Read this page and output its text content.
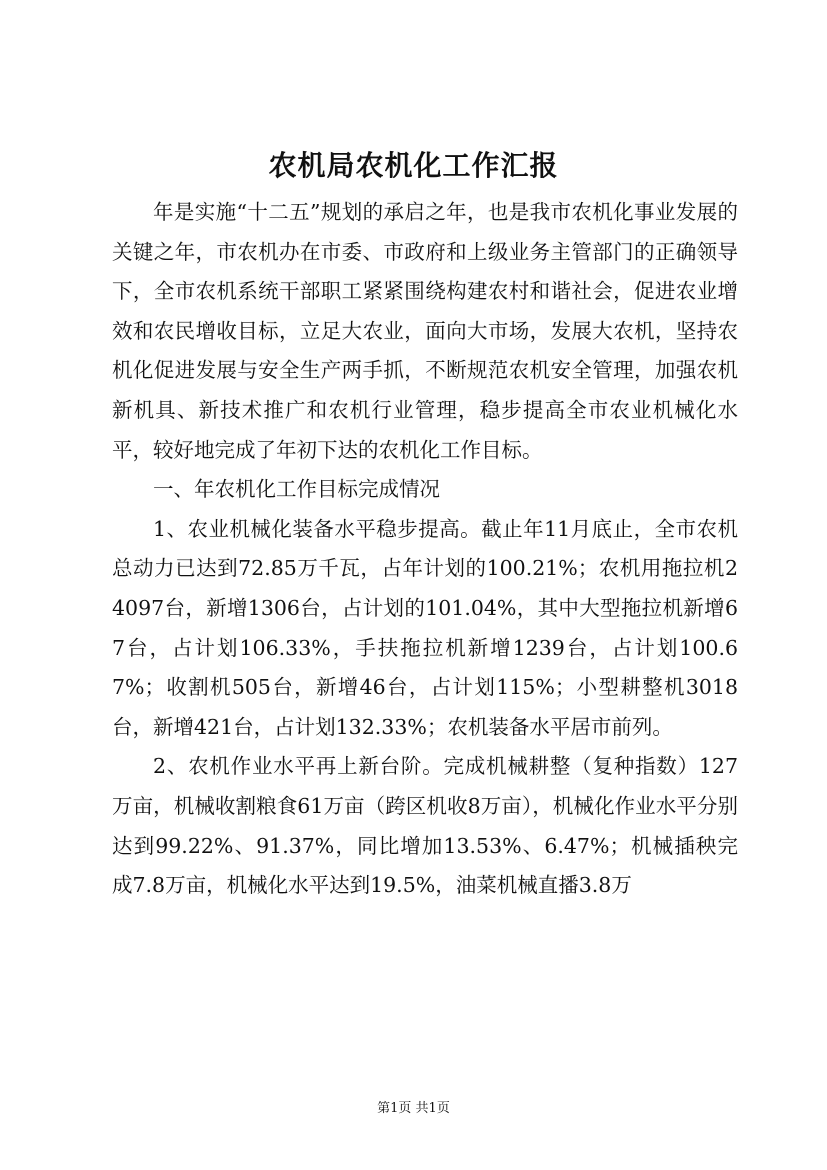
农机局农机化工作汇报

年是实施“十二五”规划的承启之年，也是我市农机化事业发展的关键之年，市农机办在市委、市政府和上级业务主管部门的正确领导下，全市农机系统干部职工紧紧围绕构建农村和谐社会，促进农业增效和农民增收目标，立足大农业，面向大市场，发展大农机，坚持农机化促进发展与安全生产两手抓，不断规范农机安全管理，加强农机新机具、新技术推广和农机行业管理，稳步提高全市农业机械化水平，较好地完成了年初下达的农机化工作目标。

一、年农机化工作目标完成情况

1、农业机械化装备水平稳步提高。截止年11月底止，全市农机总动力已达到72.85万千瓦，占年计划的100.21%；农机用拖拉机24097台，新增1306台，占计划的101.04%，其中大型拖拉机新增67台，占计划106.33%，手扶拖拉机新增1239台，占计划100.67%；收割机505台，新增46台，占计划115%；小型耕整机3018台，新增421台，占计划132.33%；农机装备水平居市前列。

2、农机作业水平再上新台阶。完成机械耕整（复种指数）127万亩，机械收割粮食61万亩（跨区机收8万亩），机械化作业水平分别达到99.22%、91.37%，同比增加13.53%、6.47%；机械插秧完成7.8万亩，机械化水平达到19.5%，油菜机械直播3.8万

第1页 共1页
